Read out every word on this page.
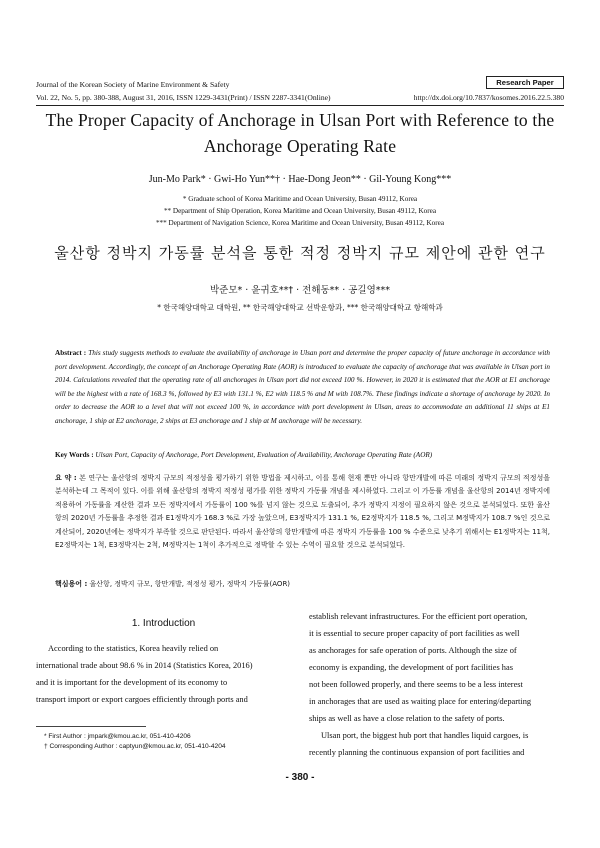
Journal of the Korean Society of Marine Environment & Safety	Research Paper
Vol. 22, No. 5, pp. 380-388, August 31, 2016, ISSN 1229-3431(Print) / ISSN 2287-3341(Online)	http://dx.doi.org/10.7837/kosomes.2016.22.5.380
The Proper Capacity of Anchorage in Ulsan Port with Reference to the
Anchorage Operating Rate
Jun-Mo Park* · Gwi-Ho Yun**† · Hae-Dong Jeon** · Gil-Young Kong***
* Graduate school of Korea Maritime and Ocean University, Busan 49112, Korea
** Department of Ship Operation, Korea Maritime and Ocean University, Busan 49112, Korea
*** Department of Navigation Science, Korea Maritime and Ocean University, Busan 49112, Korea
울산항 정박지 가동률 분석을 통한 적정 정박지 규모 제안에 관한 연구
박준모* · 윤귀호**† · 전해동** · 공길영***
* 한국해양대학교 대학원, ** 한국해양대학교 선박운항과, *** 한국해양대학교 항해학과
Abstract : This study suggests methods to evaluate the availability of anchorage in Ulsan port and determine the proper capacity of future anchorage in accordance with port development. Accordingly, the concept of an Anchorage Operating Rate (AOR) is introduced to evaluate the capacity of anchorage that was available in Ulsan port in 2014. Calculations revealed that the operating rate of all anchorages in Ulsan port did not exceed 100 %. However, in 2020 it is estimated that the AOR at E1 anchorage will be the highest with a rate of 168.3 %, followed by E3 with 131.1 %, E2 with 118.5 % and M with 108.7%. These findings indicate a shortage of anchorage by 2020. In order to decrease the AOR to a level that will not exceed 100 %, in accordance with port development in Ulsan, areas to accommodate an additional 11 ships at E1 anchorage, 1 ship at E2 anchorage, 2 ships at E3 anchorage and 1 ship at M anchorage will be necessary.
Key Words : Ulsan Port, Capacity of Anchorage, Port Development, Evaluation of Availability, Anchorage Operating Rate (AOR)
요 약 : 본 연구는 울산항의 정박지 규모의 적정성을 평가하기 위한 방법을 제시하고, 이를 통해 현재 뿐만 아니라 항만개발에 따른 미래의 정박지 규모의 적정성을 분석하는데 그 목적이 있다. 이를 위해 울산항의 정박지 적정성 평가를 위한 정박지 가동률 개념을 제시하였다. 그리고 이 가동률 개념을 울산항의 2014년 정박지에 적용하여 가동률을 계산한 결과 모든 정박지에서 가동률이 100 %를 넘지 않는 것으로 도출되어, 추가 정박지 지정이 필요하지 않은 것으로 분석되었다. 또한 울산항의 2020년 가동률을 추정한 결과 E1정박지가 168.3 %로 가장 높았으며, E3정박지가 131.1 %, E2정박지가 118.5 %, 그리고 M정박지가 108.7 %인 것으로 계산되어, 2020년에는 정박지가 부족할 것으로 판단된다. 따라서 울산항의 항만개발에 따른 정박지 가동률을 100 % 수준으로 낮추기 위해서는 E1정박지는 11척, E2정박지는 1척, E3정박지는 2척, M정박지는 1척이 추가적으로 정박할 수 있는 수역이 필요할 것으로 분석되었다.
핵심용어 : 울산항, 정박지 규모, 항만개발, 적정성 평가, 정박지 가동률(AOR)
1. Introduction
According to the statistics, Korea heavily relied on
international trade about 98.6 % in 2014 (Statistics Korea, 2016)
and it is important for the development of its economy to
transport import or export cargoes efficiently through ports and
* First Author : jmpark@kmou.ac.kr, 051-410-4206
† Corresponding Author : captyun@kmou.ac.kr, 051-410-4204
establish relevant infrastructures. For the efficient port operation,
it is essential to secure proper capacity of port facilities as well
as anchorages for safe operation of ports. Although the size of
economy is expanding, the development of port facilities has
not been followed properly, and there seems to be a less interest
in anchorages that are used as waiting place for entering/departing
ships as well as have a close relation to the safety of ports.
Ulsan port, the biggest hub port that handles liquid cargoes, is
recently planning the continuous expansion of port facilities and
- 380 -
